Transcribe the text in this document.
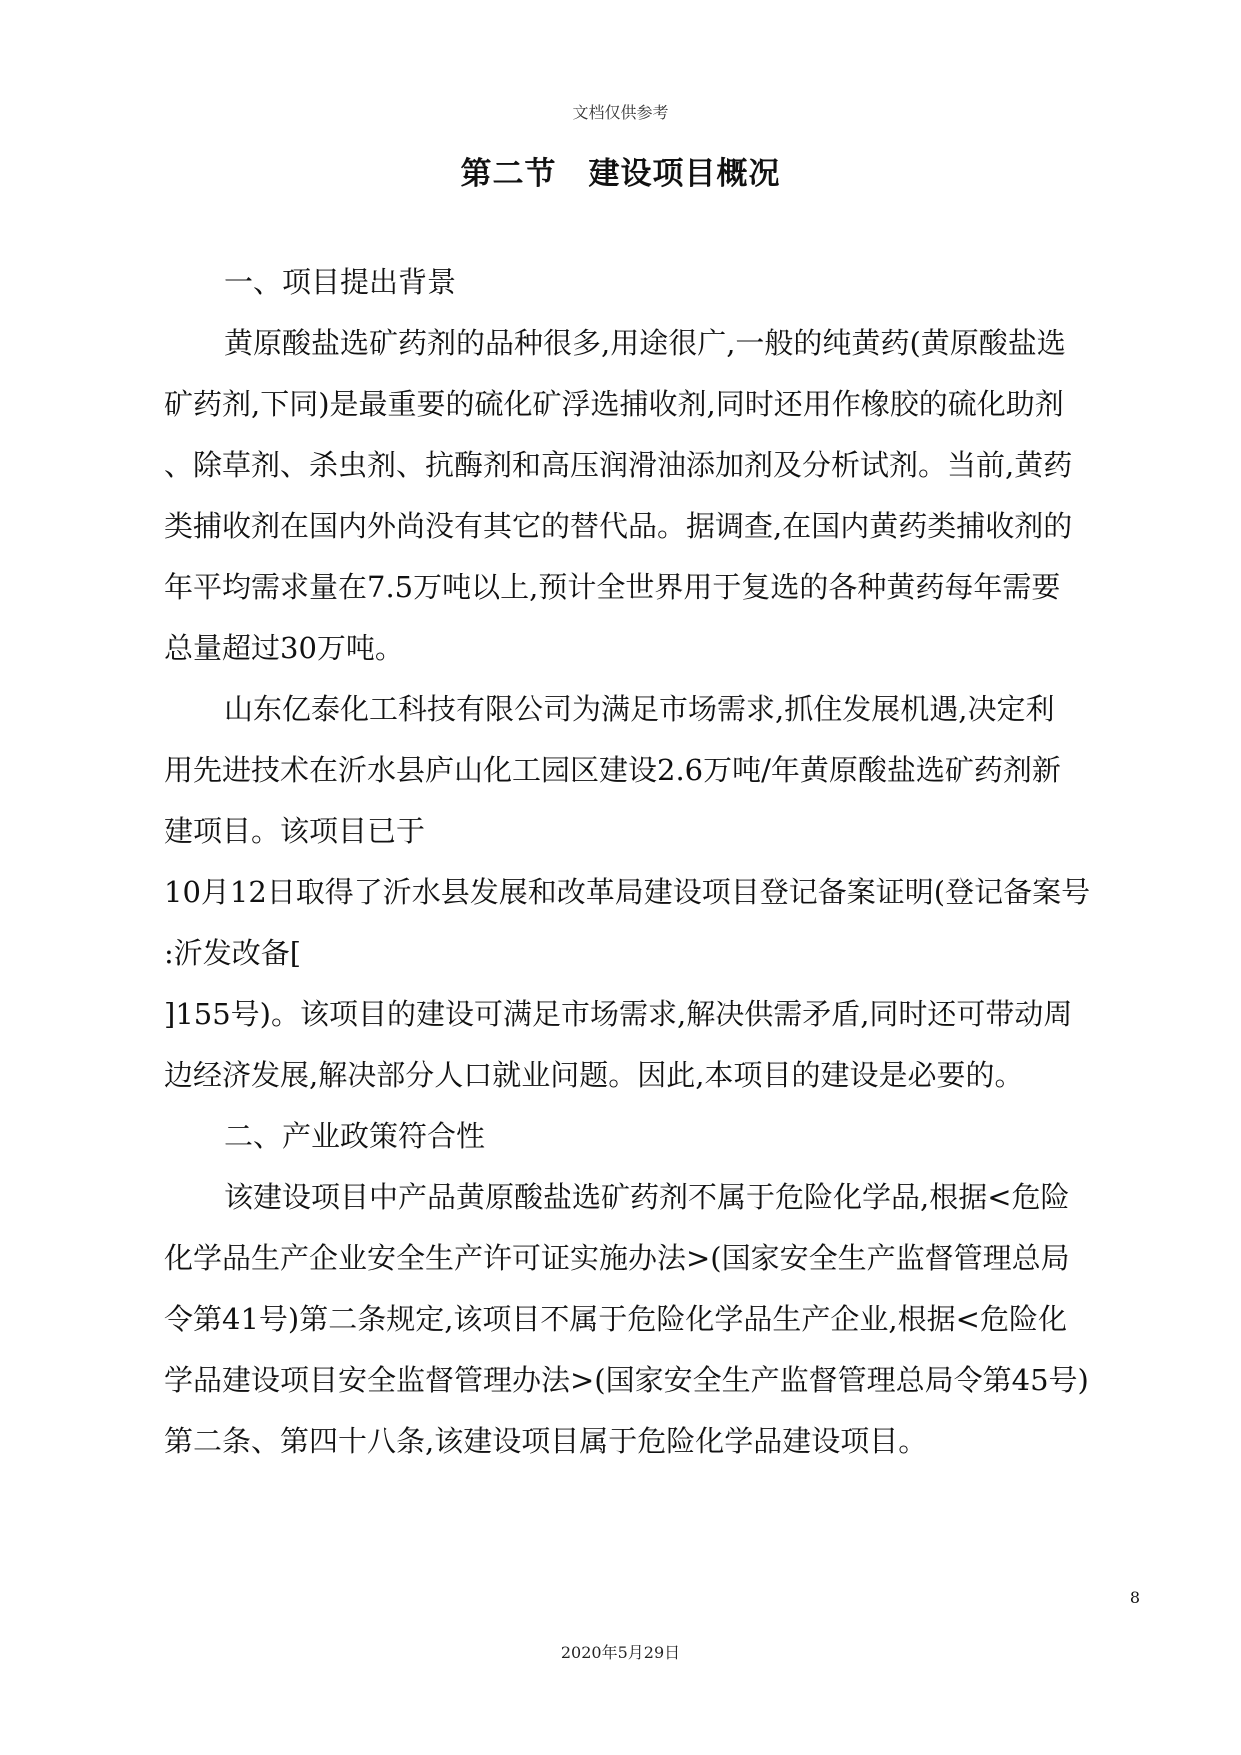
文档仅供参考
第二节 建设项目概况
一、项目提出背景
黄原酸盐选矿药剂的品种很多,用途很广,一般的纯黄药(黄原酸盐选
矿药剂,下同)是最重要的硫化矿浮选捕收剂,同时还用作橡胶的硫化助剂
、除草剂、杀虫剂、抗酶剂和高压润滑油添加剂及分析试剂。当前,黄药
类捕收剂在国内外尚没有其它的替代品。据调查,在国内黄药类捕收剂的
年平均需求量在7.5万吨以上,预计全世界用于复选的各种黄药每年需要
总量超过30万吨。
山东亿泰化工科技有限公司为满足市场需求,抓住发展机遇,决定利
用先进技术在沂水县庐山化工园区建设2.6万吨/年黄原酸盐选矿药剂新
建项目。该项目已于
10月12日取得了沂水县发展和改革局建设项目登记备案证明(登记备案号
:沂发改备[
]155号)。该项目的建设可满足市场需求,解决供需矛盾,同时还可带动周
边经济发展,解决部分人口就业问题。因此,本项目的建设是必要的。
二、产业政策符合性
该建设项目中产品黄原酸盐选矿药剂不属于危险化学品,根据<危险
化学品生产企业安全生产许可证实施办法>(国家安全生产监督管理总局
令第41号)第二条规定,该项目不属于危险化学品生产企业,根据<危险化
学品建设项目安全监督管理办法>(国家安全生产监督管理总局令第45号)
第二条、第四十八条,该建设项目属于危险化学品建设项目。
8
2020年5月29日
